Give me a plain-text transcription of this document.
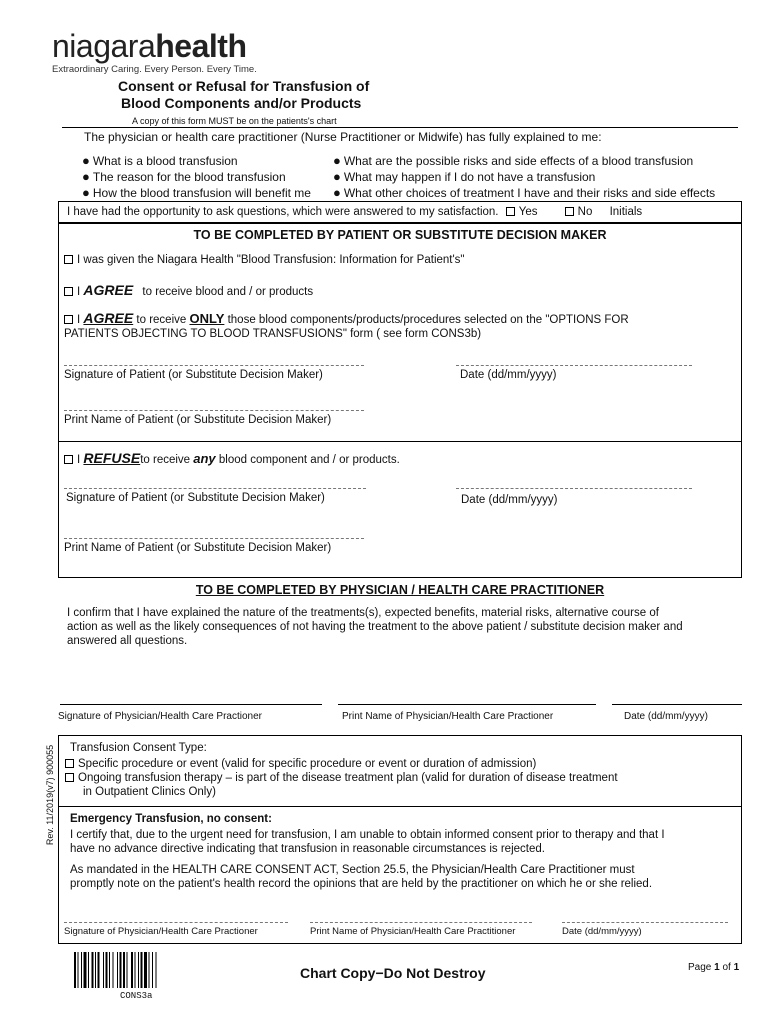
niagarahealth
Extraordinary Caring. Every Person. Every Time.
Consent or Refusal for Transfusion of
Blood Components and/or Products
A copy of this form MUST be on the patients's chart
The physician or health care practitioner (Nurse Practitioner or Midwife) has fully explained to me:
● What is a blood transfusion
● The reason for the blood transfusion
● How the blood transfusion will benefit me
● What are the possible risks and side effects of a blood transfusion
● What may happen if I do not have a transfusion
● What other choices of treatment I have and their risks and side effects
I have had the opportunity to ask questions, which were answered to my satisfaction. Yes	No Initials
TO BE COMPLETED BY PATIENT OR SUBSTITUTE DECISION MAKER
I was given the Niagara Health "Blood Transfusion: Information for Patient's"
I AGREE to receive blood and / or products
I AGREE to receive ONLY those blood components/products/procedures selected on the "OPTIONS FOR
PATIENTS OBJECTING TO BLOOD TRANSFUSIONS" form ( see form CONS3b)
Signature of Patient (or Substitute Decision Maker)	Date (dd/mm/yyyy)
Print Name of Patient (or Substitute Decision Maker)
I REFUSEto receive any blood component and / or products.
Signature of Patient (or Substitute Decision Maker)	Date (dd/mm/yyyy)
Print Name of Patient (or Substitute Decision Maker)
TO BE COMPLETED BY PHYSICIAN / HEALTH CARE PRACTITIONER
I confirm that I have explained the nature of the treatments(s), expected benefits, material risks, alternative course of
action as well as the likely consequences of not having the treatment to the above patient / substitute decision maker and
answered all questions.
Signature of Physician/Health Care Practioner	Print Name of Physician/Health Care Practioner	Date (dd/mm/yyyy)
Transfusion Consent Type:
Specific procedure or event (valid for specific procedure or event or duration of admission)
Ongoing transfusion therapy – is part of the disease treatment plan (valid for duration of disease treatment
in Outpatient Clinics Only)
Emergency Transfusion, no consent:
I certify that, due to the urgent need for transfusion, I am unable to obtain informed consent prior to therapy and that I
have no advance directive indicating that transfusion in reasonable circumstances is rejected.
As mandated in the HEALTH CARE CONSENT ACT, Section 25.5, the Physician/Health Care Practitioner must
promptly note on the patient's health record the opinions that are held by the practitioner on which he or she relied.
Signature of Physician/Health Care Practioner	Print Name of Physician/Health Care Practitioner	Date (dd/mm/yyyy)
Rev. 11/2019(v7) 900055
CONS3a
Chart Copy−Do Not Destroy	Page 1 of 1
